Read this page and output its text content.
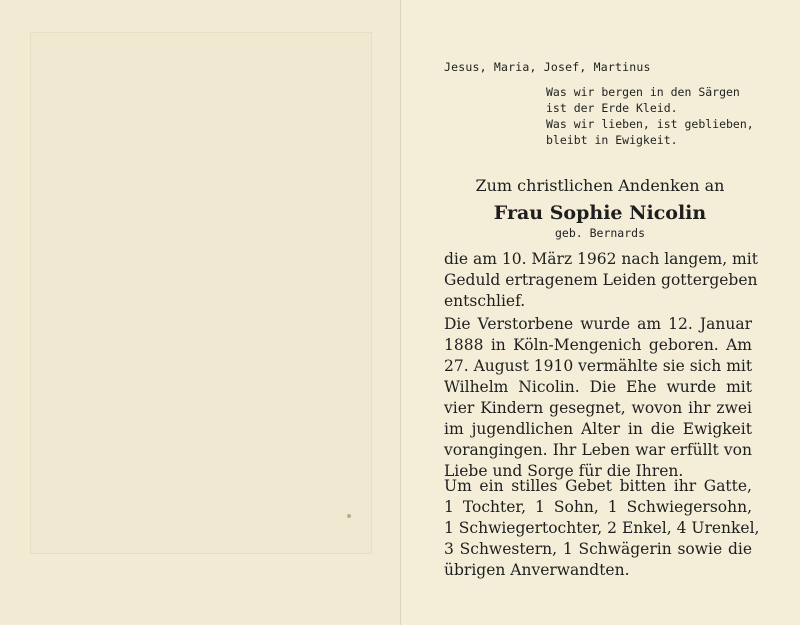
Jesus, Maria, Josef, Martinus
Was wir bergen in den Särgen
ist der Erde Kleid.
Was wir lieben, ist geblieben,
bleibt in Ewigkeit.
Zum christlichen Andenken an
Frau Sophie Nicolin
geb. Bernards
die am 10. März 1962 nach langem, mit
Geduld ertragenem Leiden gottergeben
entschlief.
Die Verstorbene wurde am 12. Januar
1888 in Köln-Mengenich geboren. Am
27. August 1910 vermählte sie sich mit
Wilhelm Nicolin. Die Ehe wurde mit
vier Kindern gesegnet, wovon ihr zwei
im jugendlichen Alter in die Ewigkeit
vorangingen. Ihr Leben war erfüllt von
Liebe und Sorge für die Ihren.
Um ein stilles Gebet bitten ihr Gatte,
1 Tochter, 1 Sohn, 1 Schwiegersohn,
1 Schwiegertochter, 2 Enkel, 4 Urenkel,
3 Schwestern, 1 Schwägerin sowie die
übrigen Anverwandten.
